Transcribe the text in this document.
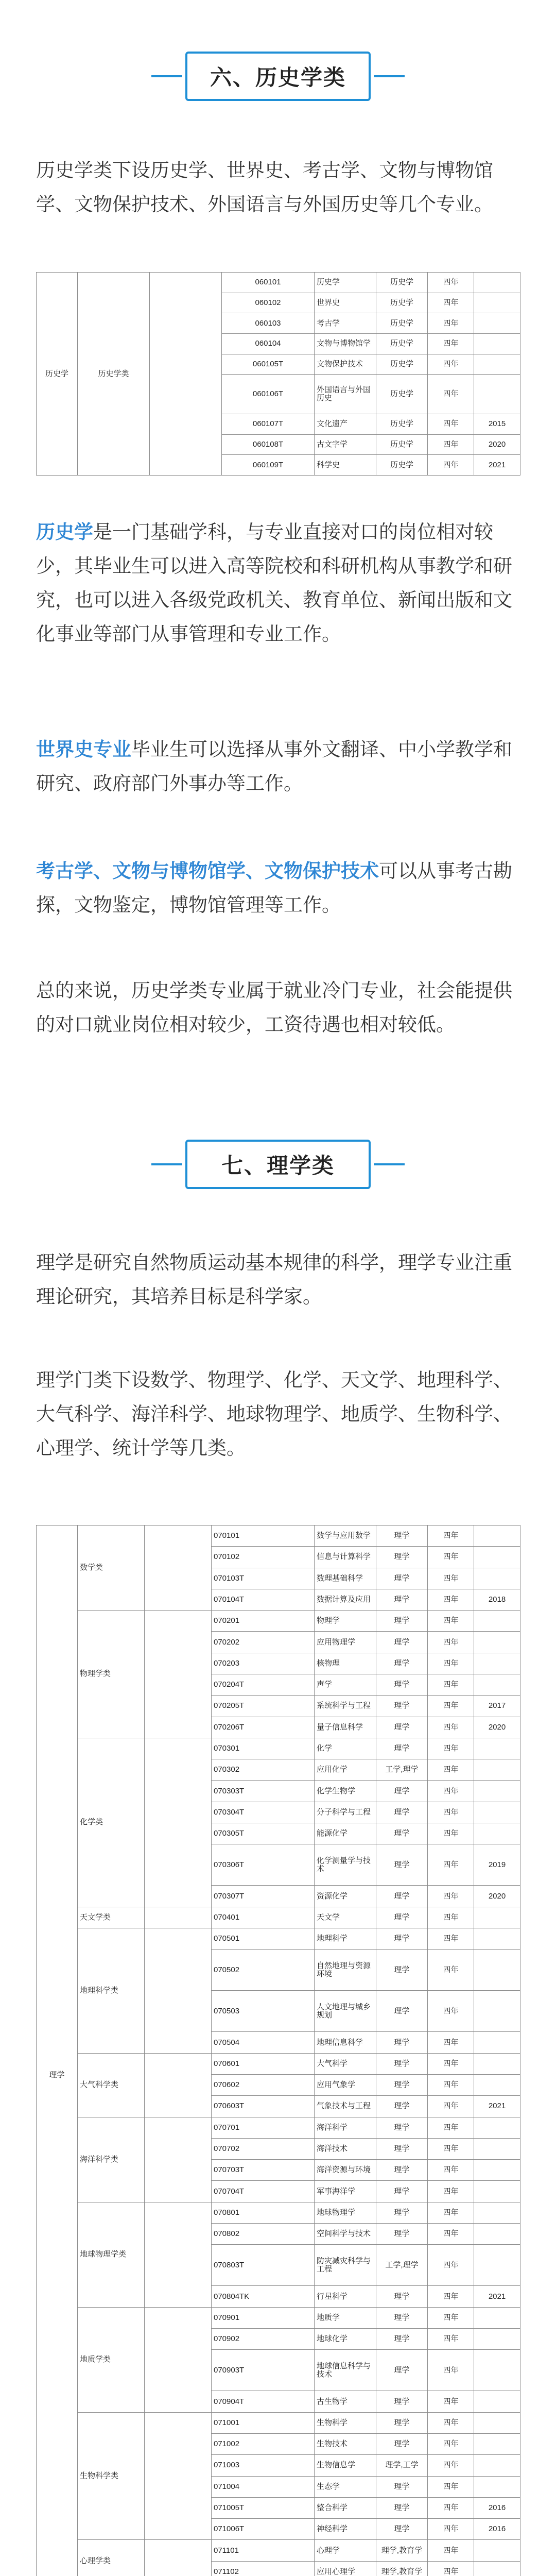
六、历史学类
历史学类下设历史学、世界史、考古学、文物与博物馆学、文物保护技术、外国语言与外国历史等几个专业。
历史学	历史学类		060101	历史学	历史学	四年	
			060102	世界史	历史学	四年	
			060103	考古学	历史学	四年	
			060104	文物与博物馆学	历史学	四年	
			060105T	文物保护技术	历史学	四年	
			060106T	外国语言与外国历史	历史学	四年	
			060107T	文化遗产	历史学	四年	2015
			060108T	古文字学	历史学	四年	2020
			060109T	科学史	历史学	四年	2021
历史学是一门基础学科，与专业直接对口的岗位相对较少，其毕业生可以进入高等院校和科研机构从事教学和研究，也可以进入各级党政机关、教育单位、新闻出版和文化事业等部门从事管理和专业工作。
世界史专业毕业生可以选择从事外文翻译、中小学教学和研究、政府部门外事办等工作。
考古学、文物与博物馆学、文物保护技术可以从事考古勘探，文物鉴定，博物馆管理等工作。
总的来说，历史学类专业属于就业冷门专业，社会能提供的对口就业岗位相对较少，工资待遇也相对较低。
七、理学类
理学是研究自然物质运动基本规律的科学，理学专业注重理论研究，其培养目标是科学家。
理学门类下设数学、物理学、化学、天文学、地理科学、大气科学、海洋科学、地球物理学、地质学、生物科学、心理学、统计学等几类。
理学	数学类		070101	数学与应用数学	理学	四年	
			070102	信息与计算科学	理学	四年	
			070103T	数理基础科学	理学	四年	
			070104T	数据计算及应用	理学	四年	2018
	物理学类		070201	物理学	理学	四年	
			070202	应用物理学	理学	四年	
			070203	核物理	理学	四年	
			070204T	声学	理学	四年	
			070205T	系统科学与工程	理学	四年	2017
			070206T	量子信息科学	理学	四年	2020
	化学类		070301	化学	理学	四年	
			070302	应用化学	工学,理学	四年	
			070303T	化学生物学	理学	四年	
			070304T	分子科学与工程	理学	四年	
			070305T	能源化学	理学	四年	
			070306T	化学测量学与技术	理学	四年	2019
			070307T	资源化学	理学	四年	2020
	天文学类		070401	天文学	理学	四年	
	地理科学类		070501	地理科学	理学	四年	
			070502	自然地理与资源环境	理学	四年	
			070503	人文地理与城乡规划	理学	四年	
			070504	地理信息科学	理学	四年	
	大气科学类		070601	大气科学	理学	四年	
			070602	应用气象学	理学	四年	
			070603T	气象技术与工程	理学	四年	2021
	海洋科学类		070701	海洋科学	理学	四年	
			070702	海洋技术	理学	四年	
			070703T	海洋资源与环境	理学	四年	
			070704T	军事海洋学	理学	四年	
	地球物理学类		070801	地球物理学	理学	四年	
			070802	空间科学与技术	理学	四年	
			070803T	防灾减灾科学与工程	工学,理学	四年	
			070804TK	行星科学	理学	四年	2021
	地质学类		070901	地质学	理学	四年	
			070902	地球化学	理学	四年	
			070903T	地球信息科学与技术	理学	四年	
			070904T	古生物学	理学	四年	
	生物科学类		071001	生物科学	理学	四年	
			071002	生物技术	理学	四年	
			071003	生物信息学	理学,工学	四年	
			071004	生态学	理学	四年	
			071005T	整合科学	理学	四年	2016
			071006T	神经科学	理学	四年	2016
	心理学类		071101	心理学	理学,教育学	四年	
			071102	应用心理学	理学,教育学	四年	
